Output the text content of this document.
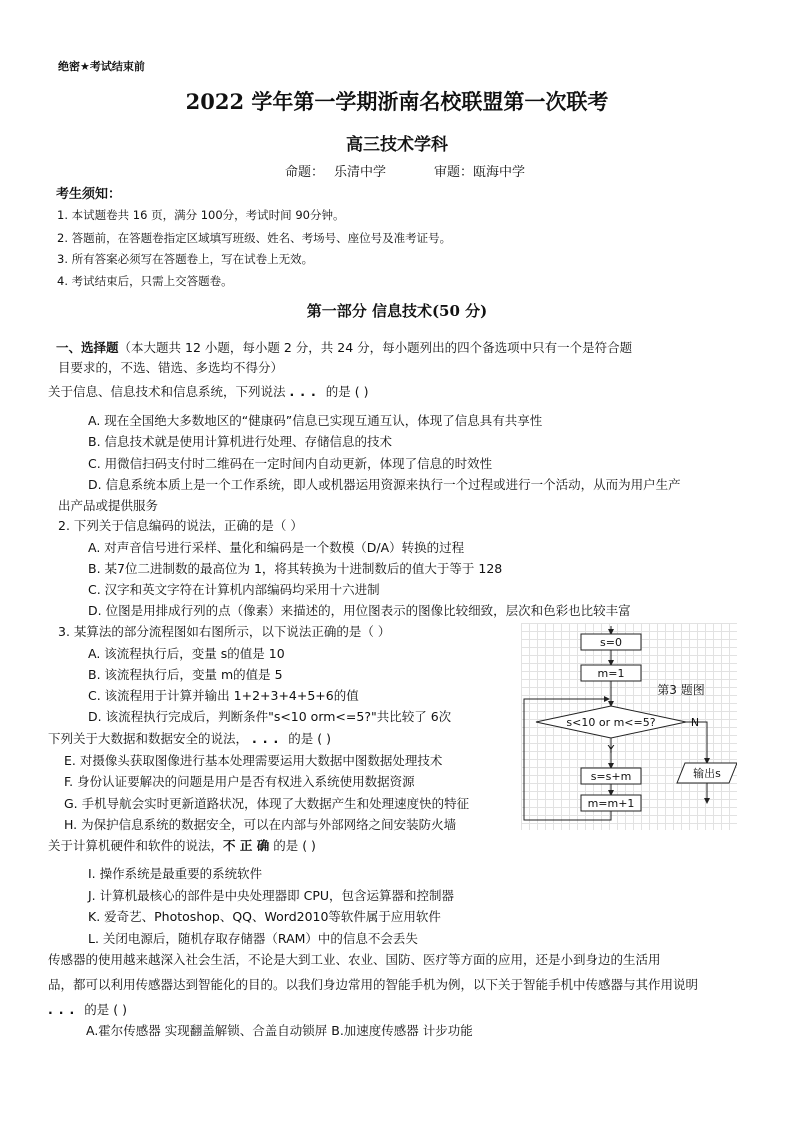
绝密★考试结束前
2022 学年第一学期浙南名校联盟第一次联考
高三技术学科
命题： 乐清中学	审题：瓯海中学
考生须知：
1. 本试题卷共 16 页，满分 100分，考试时间 90分钟。
2. 答题前，在答题卷指定区域填写班级、姓名、考场号、座位号及准考证号。
3. 所有答案必须写在答题卷上，写在试卷上无效。
4. 考试结束后，只需上交答题卷。
第一部分 信息技术(50 分)
一、选择题（本大题共 12 小题，每小题 2 分，共 24 分，每小题列出的四个备选项中只有一个是符合题
目要求的，不选、错选、多选均不得分）
关于信息、信息技术和信息系统，下列说法 ... 的是 ( )
A. 现在全国绝大多数地区的“健康码”信息已实现互通互认，体现了信息具有共享性
B. 信息技术就是使用计算机进行处理、存储信息的技术
C. 用微信扫码支付时二维码在一定时间内自动更新，体现了信息的时效性
D. 信息系统本质上是一个工作系统，即人或机器运用资源来执行一个过程或进行一个活动，从而为用户生产
出产品或提供服务
2. 下列关于信息编码的说法，正确的是（ ）
A. 对声音信号进行采样、量化和编码是一个数模（D/A）转换的过程
B. 某7位二进制数的最高位为 1，将其转换为十进制数后的值大于等于 128
C. 汉字和英文字符在计算机内部编码均采用十六进制
D. 位图是用排成行列的点（像素）来描述的，用位图表示的图像比较细致，层次和色彩也比较丰富
3. 某算法的部分流程图如右图所示，以下说法正确的是（ ）
A. 该流程执行后，变量 s的值是 10
B. 该流程执行后，变量 m的值是 5
C. 该流程用于计算并输出 1+2+3+4+5+6的值
D. 该流程执行完成后，判断条件"s<10 orm<=5?"共比较了 6次
s=0
m=1
s<10 or m<=5?
s=s+m
m=m+1
输出s
Y
N
第3 题图
下列关于大数据和数据安全的说法， ... 的是 ( )
E. 对摄像头获取图像进行基本处理需要运用大数据中图数据处理技术
F. 身份认证要解决的问题是用户是否有权进入系统使用数据资源
G. 手机导航会实时更新道路状况，体现了大数据产生和处理速度快的特征
H. 为保护信息系统的数据安全，可以在内部与外部网络之间安装防火墙
关于计算机硬件和软件的说法，不 正 确 的是 ( )
I. 操作系统是最重要的系统软件
J. 计算机最核心的部件是中央处理器即 CPU，包含运算器和控制器
K. 爱奇艺、Photoshop、QQ、Word2010等软件属于应用软件
L. 关闭电源后，随机存取存储器（RAM）中的信息不会丢失
传感器的使用越来越深入社会生活，不论是大到工业、农业、国防、医疗等方面的应用，还是小到身边的生活用
品，都可以利用传感器达到智能化的目的。以我们身边常用的智能手机为例，以下关于智能手机中传感器与其作用说明
... 的是 ( )
A.霍尔传感器 实现翻盖解锁、合盖自动锁屏 B.加速度传感器 计步功能
